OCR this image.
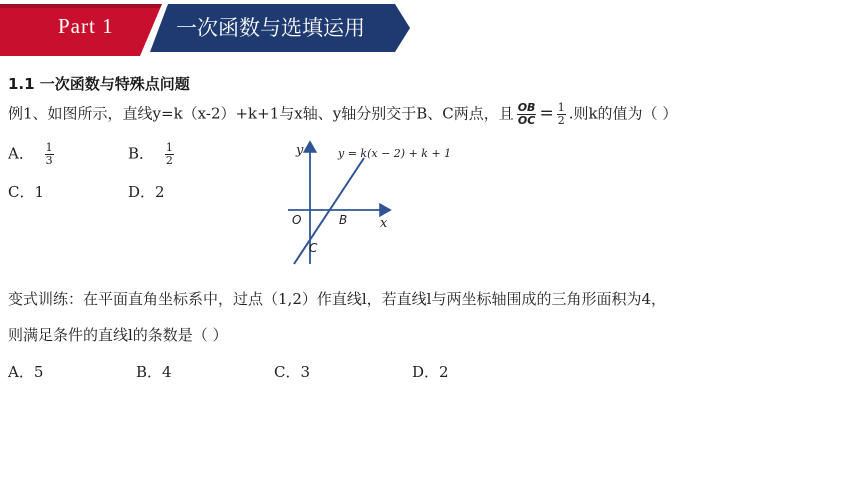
Part 1	一次函数与选填运用
1.1 一次函数与特殊点问题
例1、如图所示，直线y=k（x-2）+k+1与x轴、y轴分别交于B、C两点，且 $\frac{OB}{OC} = \frac{1}{2}$ .则k的值为（ ）
A． $\frac{1}{3}$	B． $\frac{1}{2}$
C．1	D．2
y
x
O	B
C
y = k(x − 2) + k + 1
变式训练：在平面直角坐标系中，过点（1,2）作直线l，若直线l与两坐标轴围成的三角形面积为4，
则满足条件的直线l的条数是（ ）
A．5	B．4	C．3	D．2
